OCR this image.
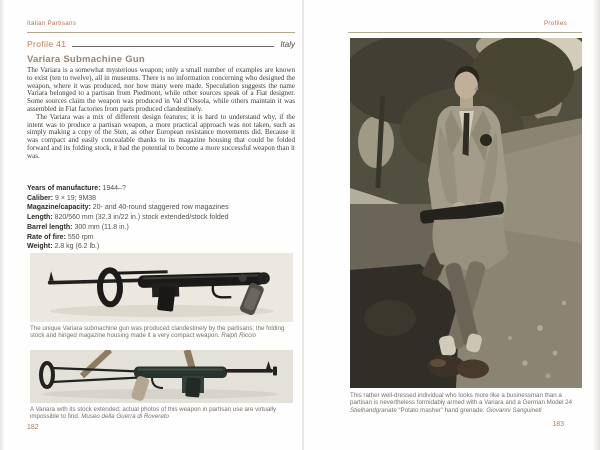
Italian Partisans
Profile 41	Italy
Variara Submachine Gun

The Variara is a somewhat mysterious weapon; only a small number of examples are known to exist (ten to twelve), all in museums. There is no information concerning who designed the weapon, where it was produced, nor how many were made. Speculation suggests the name Variara belonged to a partisan from Piedmont, while other sources speak of a Fiat designer. Some sources claim the weapon was produced in Val d’Ossola, while others maintain it was assembled in Fiat factories from parts produced clandestinely.

The Variara was a mix of different design features; it is hard to understand why, if the intent was to produce a partisan weapon, a more practical approach was not taken, such as simply making a copy of the Sten, as other European resistance movements did. Because it was compact and easily concealable thanks to its magazine housing that could be folded forward and its folding stock, it had the potential to become a more successful weapon than it was.

Years of manufacture: 1944–?
Caliber: 9 × 19; 9M38
Magazine/capacity: 20- and 40-round staggered row magazines
Length: 820/560 mm (32.3 in/22 in.) stock extended/stock folded
Barrel length: 300 mm (11.8 in.)
Rate of fire: 550 rpm
Weight: 2.8 kg (6.2 lb.)
The unique Variara submachine gun was produced clandestinely by the partisans; the folding stock and hinged magazine housing made it a very compact weapon. Ralph Riccio
A Variara with its stock extended; actual photos of this weapon in partisan use are virtually impossible to find. Museo della Guerra di Rovereto
182
Profiles
This rather well-dressed individual who looks more like a businessman than a partisan is nevertheless formidably armed with a Variara and a German Model 24 Stielhandgranate “Potato masher” hand grenade. Giovanni Sanguineti
183
